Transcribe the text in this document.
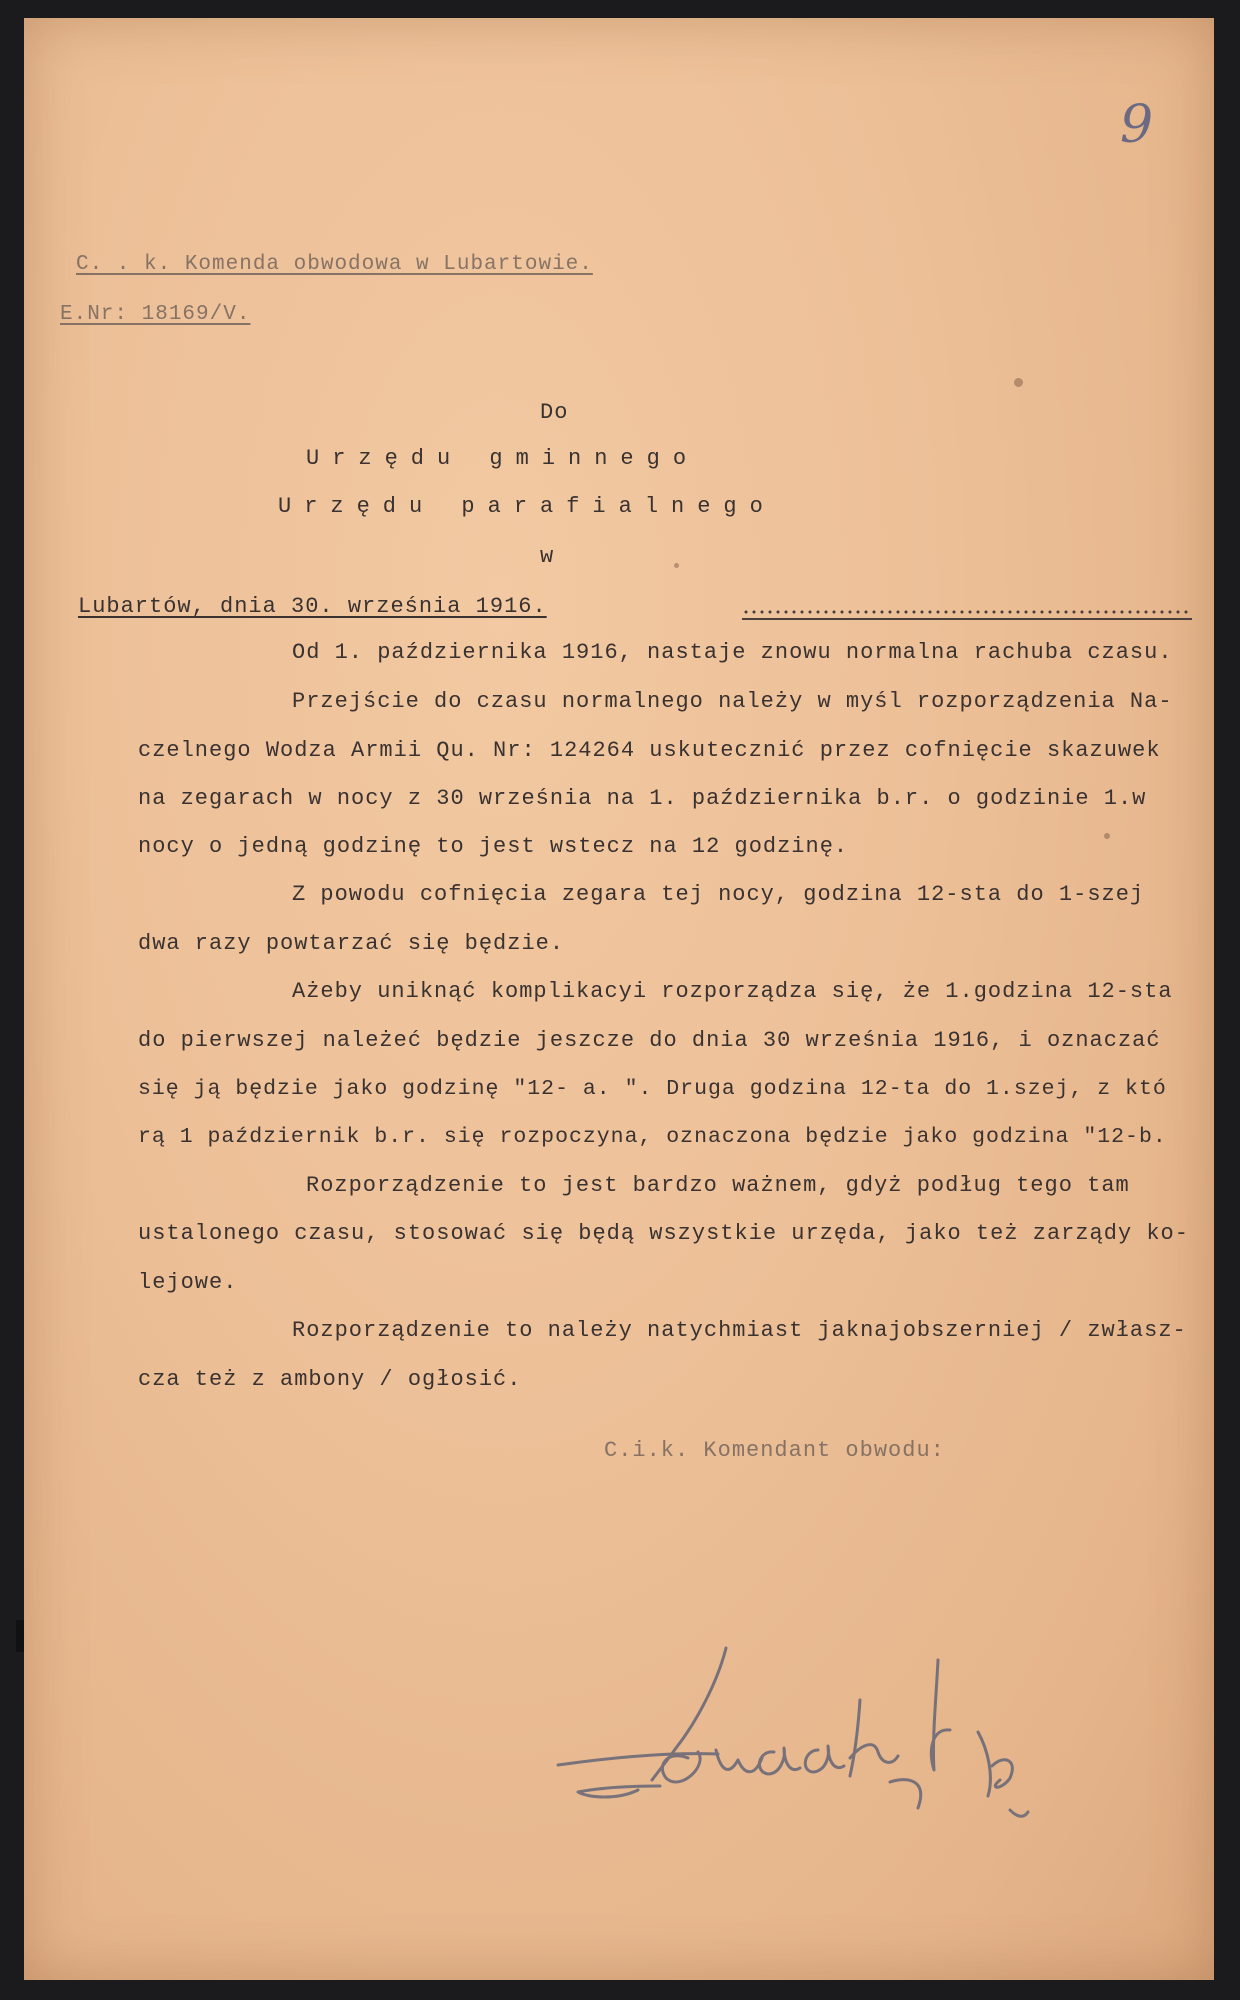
9
C. . k. Komenda obwodowa w Lubartowie.
E.Nr: 18169/V.
Do
Urzędu gminnego
Urzędu parafialnego
w
Lubartów, dnia 30. września 1916.
Od 1. października 1916, nastaje znowu normalna rachuba czasu.
Przejście do czasu normalnego należy w myśl rozporządzenia Na-
czelnego Wodza Armii Qu. Nr: 124264 uskutecznić przez cofnięcie skazuwek
na zegarach w nocy z 30 września na 1. października b.r. o godzinie 1.w
nocy o jedną godzinę to jest wstecz na 12 godzinę.
Z powodu cofnięcia zegara tej nocy, godzina 12-sta do 1-szej
dwa razy powtarzać się będzie.
Ażeby uniknąć komplikacyi rozporządza się, że 1.godzina 12-sta
do pierwszej należeć będzie jeszcze do dnia 30 września 1916, i oznaczać
się ją będzie jako godzinę "12- a. ". Druga godzina 12-ta do 1.szej, z któ
rą 1 październik b.r. się rozpoczyna, oznaczona będzie jako godzina "12-b.
Rozporządzenie to jest bardzo ważnem, gdyż podług tego tam
ustalonego czasu, stosować się będą wszystkie urzęda, jako też zarządy ko-
lejowe.
Rozporządzenie to należy natychmiast jaknajobszerniej / zwłasz-
cza też z ambony / ogłosić.
C.i.k. Komendant obwodu:
